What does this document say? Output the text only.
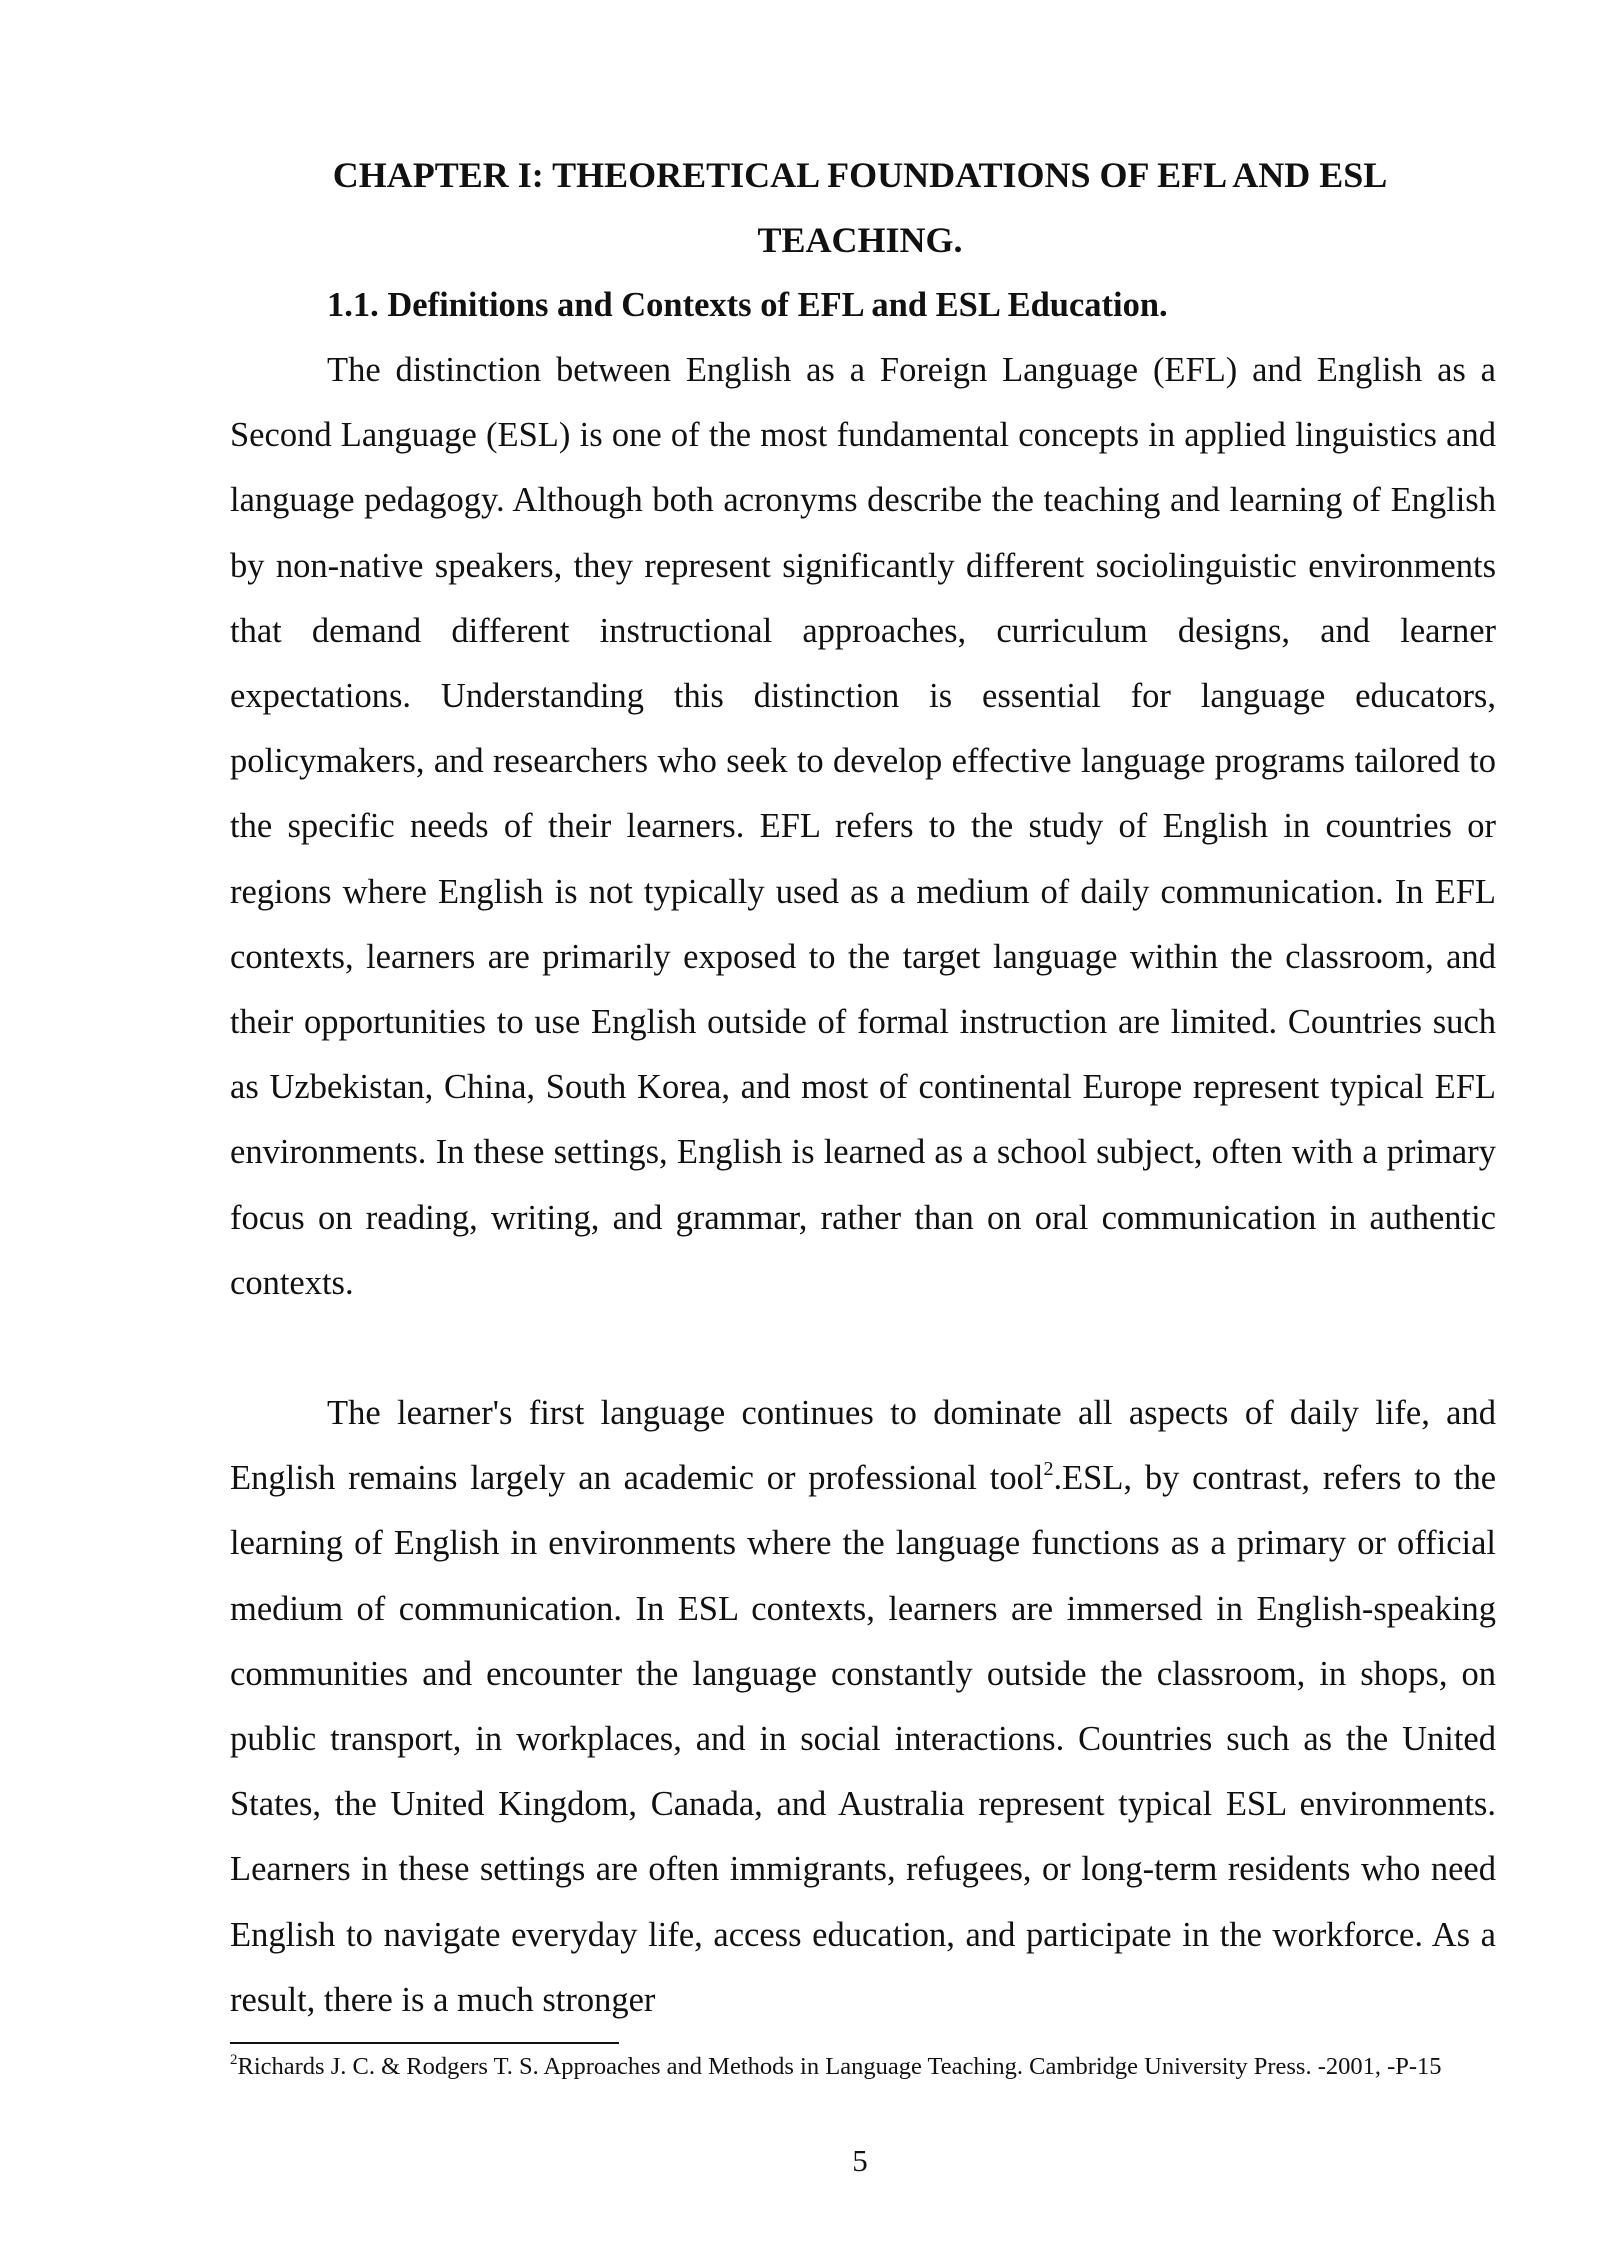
CHAPTER I: THEORETICAL FOUNDATIONS OF EFL AND ESL
TEACHING.
1.1. Definitions and Contexts of EFL and ESL Education.

The distinction between English as a Foreign Language (EFL) and English as a Second Language (ESL) is one of the most fundamental concepts in applied linguistics and language pedagogy. Although both acronyms describe the teaching and learning of English by non-native speakers, they represent significantly different sociolinguistic environments that demand different instructional approaches, curriculum designs, and learner expectations. Understanding this distinction is essential for language educators, policymakers, and researchers who seek to develop effective language programs tailored to the specific needs of their learners. EFL refers to the study of English in countries or regions where English is not typically used as a medium of daily communication. In EFL contexts, learners are primarily exposed to the target language within the classroom, and their opportunities to use English outside of formal instruction are limited. Countries such as Uzbekistan, China, South Korea, and most of continental Europe represent typical EFL environments. In these settings, English is learned as a school subject, often with a primary focus on reading, writing, and grammar, rather than on oral communication in authentic contexts.

The learner's first language continues to dominate all aspects of daily life, and English remains largely an academic or professional tool$^2$.ESL, by contrast, refers to the learning of English in environments where the language functions as a primary or official medium of communication. In ESL contexts, learners are immersed in English-speaking communities and encounter the language constantly outside the classroom, in shops, on public transport, in workplaces, and in social interactions. Countries such as the United States, the United Kingdom, Canada, and Australia represent typical ESL environments. Learners in these settings are often immigrants, refugees, or long-term residents who need English to navigate everyday life, access education, and participate in the workforce. As a result, there is a much stronger

$^2$Richards J. C. & Rodgers T. S. Approaches and Methods in Language Teaching. Cambridge University Press. -2001, -P-15

5
